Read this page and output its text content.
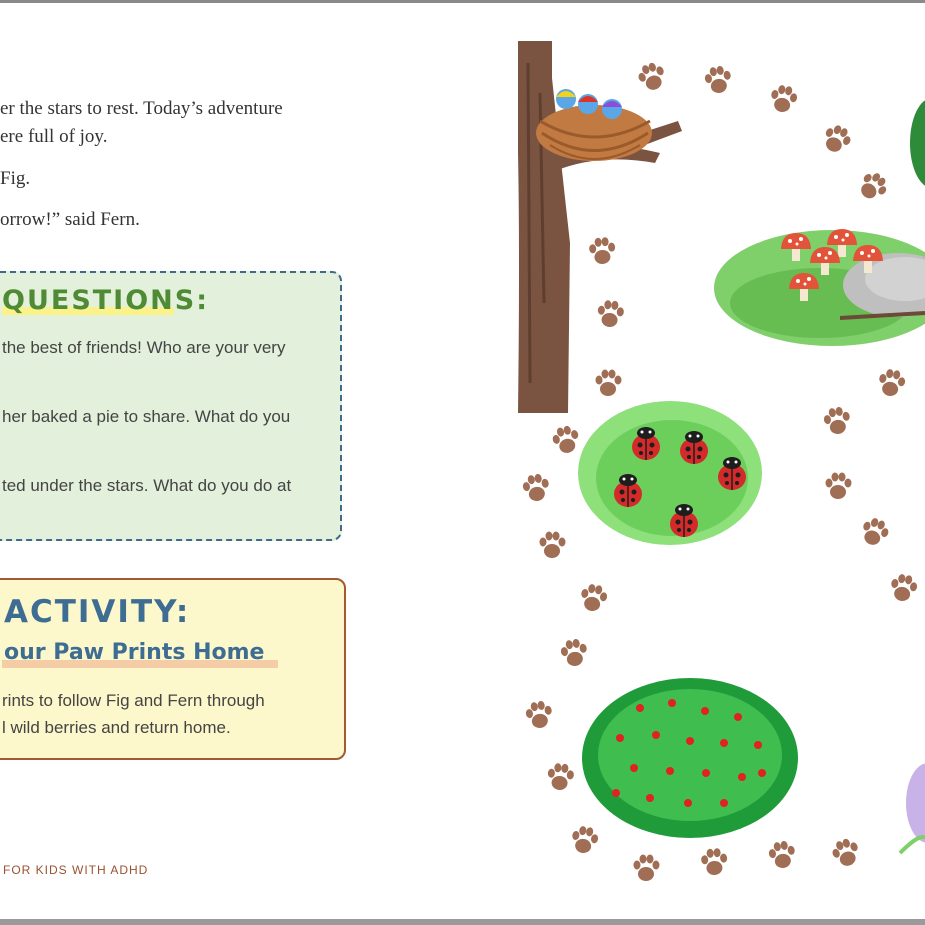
er the stars to rest. Today’s adventure

ere full of joy.

Fig.

orrow!” said Fern.

QUESTIONS:

the best of friends! Who are your very

her baked a pie to share. What do you

ted under the stars. What do you do at

ACTIVITY:
our Paw Prints Home

rints to follow Fig and Fern through

l wild berries and return home.

FOR KIDS WITH ADHD
